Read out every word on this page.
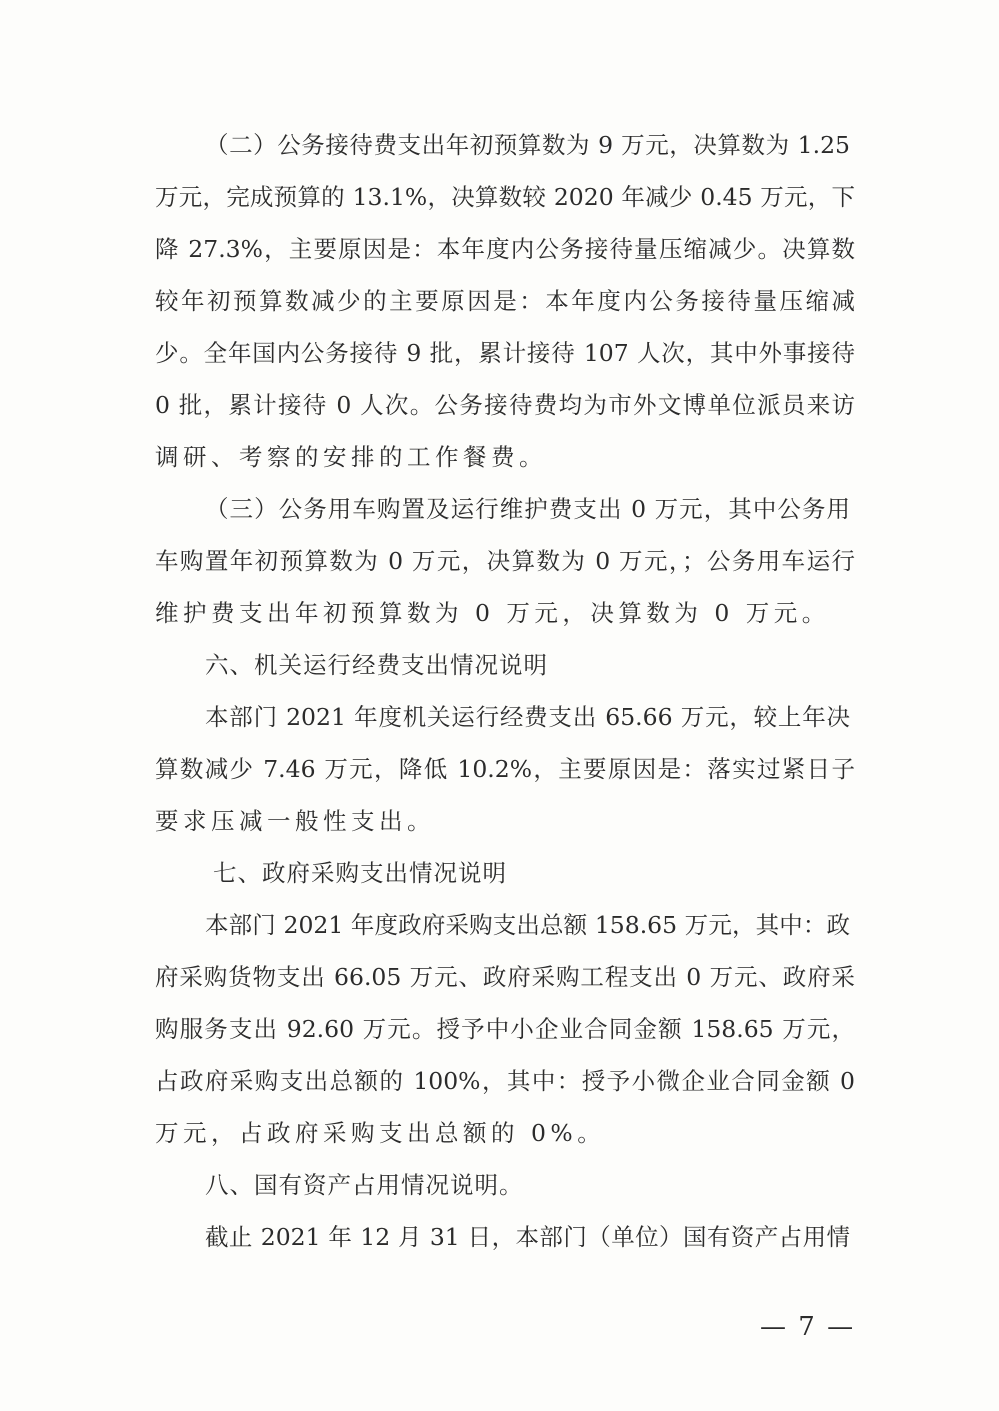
（二）公务接待费支出年初预算数为 9 万元，决算数为 1.25
万元，完成预算的 13.1%，决算数较 2020 年减少 0.45 万元，下
降 27.3%，主要原因是：本年度内公务接待量压缩减少。决算数
较年初预算数减少的主要原因是：本年度内公务接待量压缩减
少。全年国内公务接待 9 批，累计接待 107 人次，其中外事接待
0 批，累计接待 0 人次。公务接待费均为市外文博单位派员来访
调研、考察的安排的工作餐费。
（三）公务用车购置及运行维护费支出 0 万元，其中公务用
车购置年初预算数为 0 万元，决算数为 0 万元，；公务用车运行
维护费支出年初预算数为 0 万元，决算数为 0 万元。
六、机关运行经费支出情况说明
本部门 2021 年度机关运行经费支出 65.66 万元，较上年决
算数减少 7.46 万元，降低 10.2%，主要原因是：落实过紧日子
要求压减一般性支出。
七、政府采购支出情况说明
本部门 2021 年度政府采购支出总额 158.65 万元，其中：政
府采购货物支出 66.05 万元、政府采购工程支出 0 万元、政府采
购服务支出 92.60 万元。授予中小企业合同金额 158.65 万元，
占政府采购支出总额的 100%，其中：授予小微企业合同金额 0
万元，占政府采购支出总额的 0%。
八、国有资产占用情况说明。
截止 2021 年 12 月 31 日，本部门（单位）国有资产占用情
— 7 —
